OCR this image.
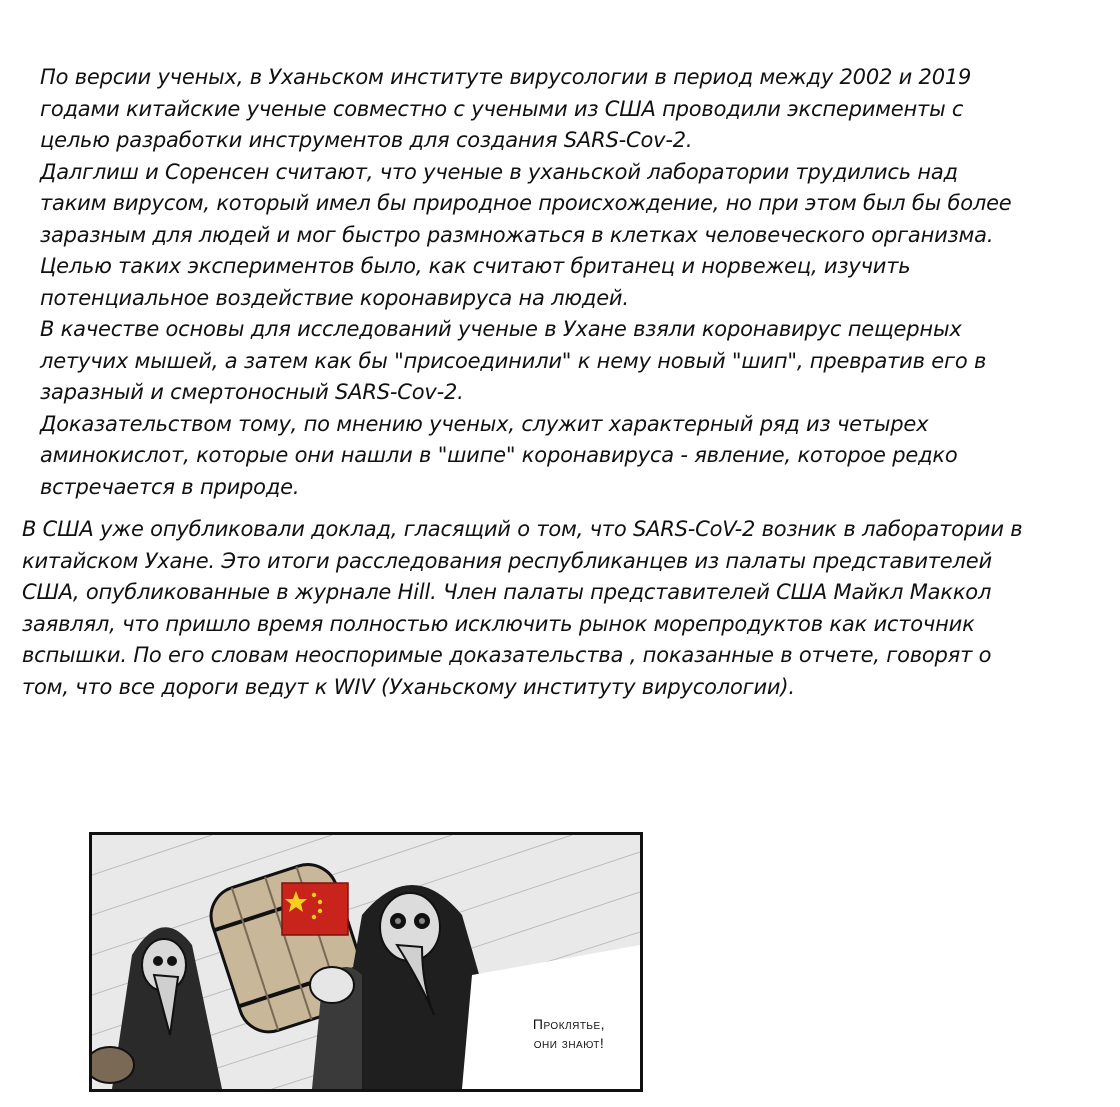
По версии ученых, в Уханьском институте вирусологии в период между 2002 и 2019
годами китайские ученые совместно с учеными из США проводили эксперименты с
целью разработки инструментов для создания SARS-Cov-2.
Далглиш и Соренсен считают, что ученые в уханьской лаборатории трудились над
таким вирусом, который имел бы природное происхождение, но при этом был бы более
заразным для людей и мог быстро размножаться в клетках человеческого организма.
Целью таких экспериментов было, как считают британец и норвежец, изучить
потенциальное воздействие коронавируса на людей.
В качестве основы для исследований ученые в Ухане взяли коронавирус пещерных
летучих мышей, а затем как бы "присоединили" к нему новый "шип", превратив его в
заразный и смертоносный SARS-Cov-2.
Доказательством тому, по мнению ученых, служит характерный ряд из четырех
аминокислот, которые они нашли в "шипе" коронавируса - явление, которое редко
встречается в природе.
В США уже опубликовали доклад, гласящий о том, что SARS-CoV-2 возник в лаборатории в
китайском Ухане. Это итоги расследования республиканцев из палаты представителей
США, опубликованные в журнале Hill. Член палаты представителей США Майкл Маккол
заявлял, что пришло время полностью исключить рынок морепродуктов как источник
вспышки. По его словам неоспоримые доказательства , показанные в отчете, говорят о
том, что все дороги ведут к WIV (Уханьскому институту вирусологии).
Проклятье,
они знают!
